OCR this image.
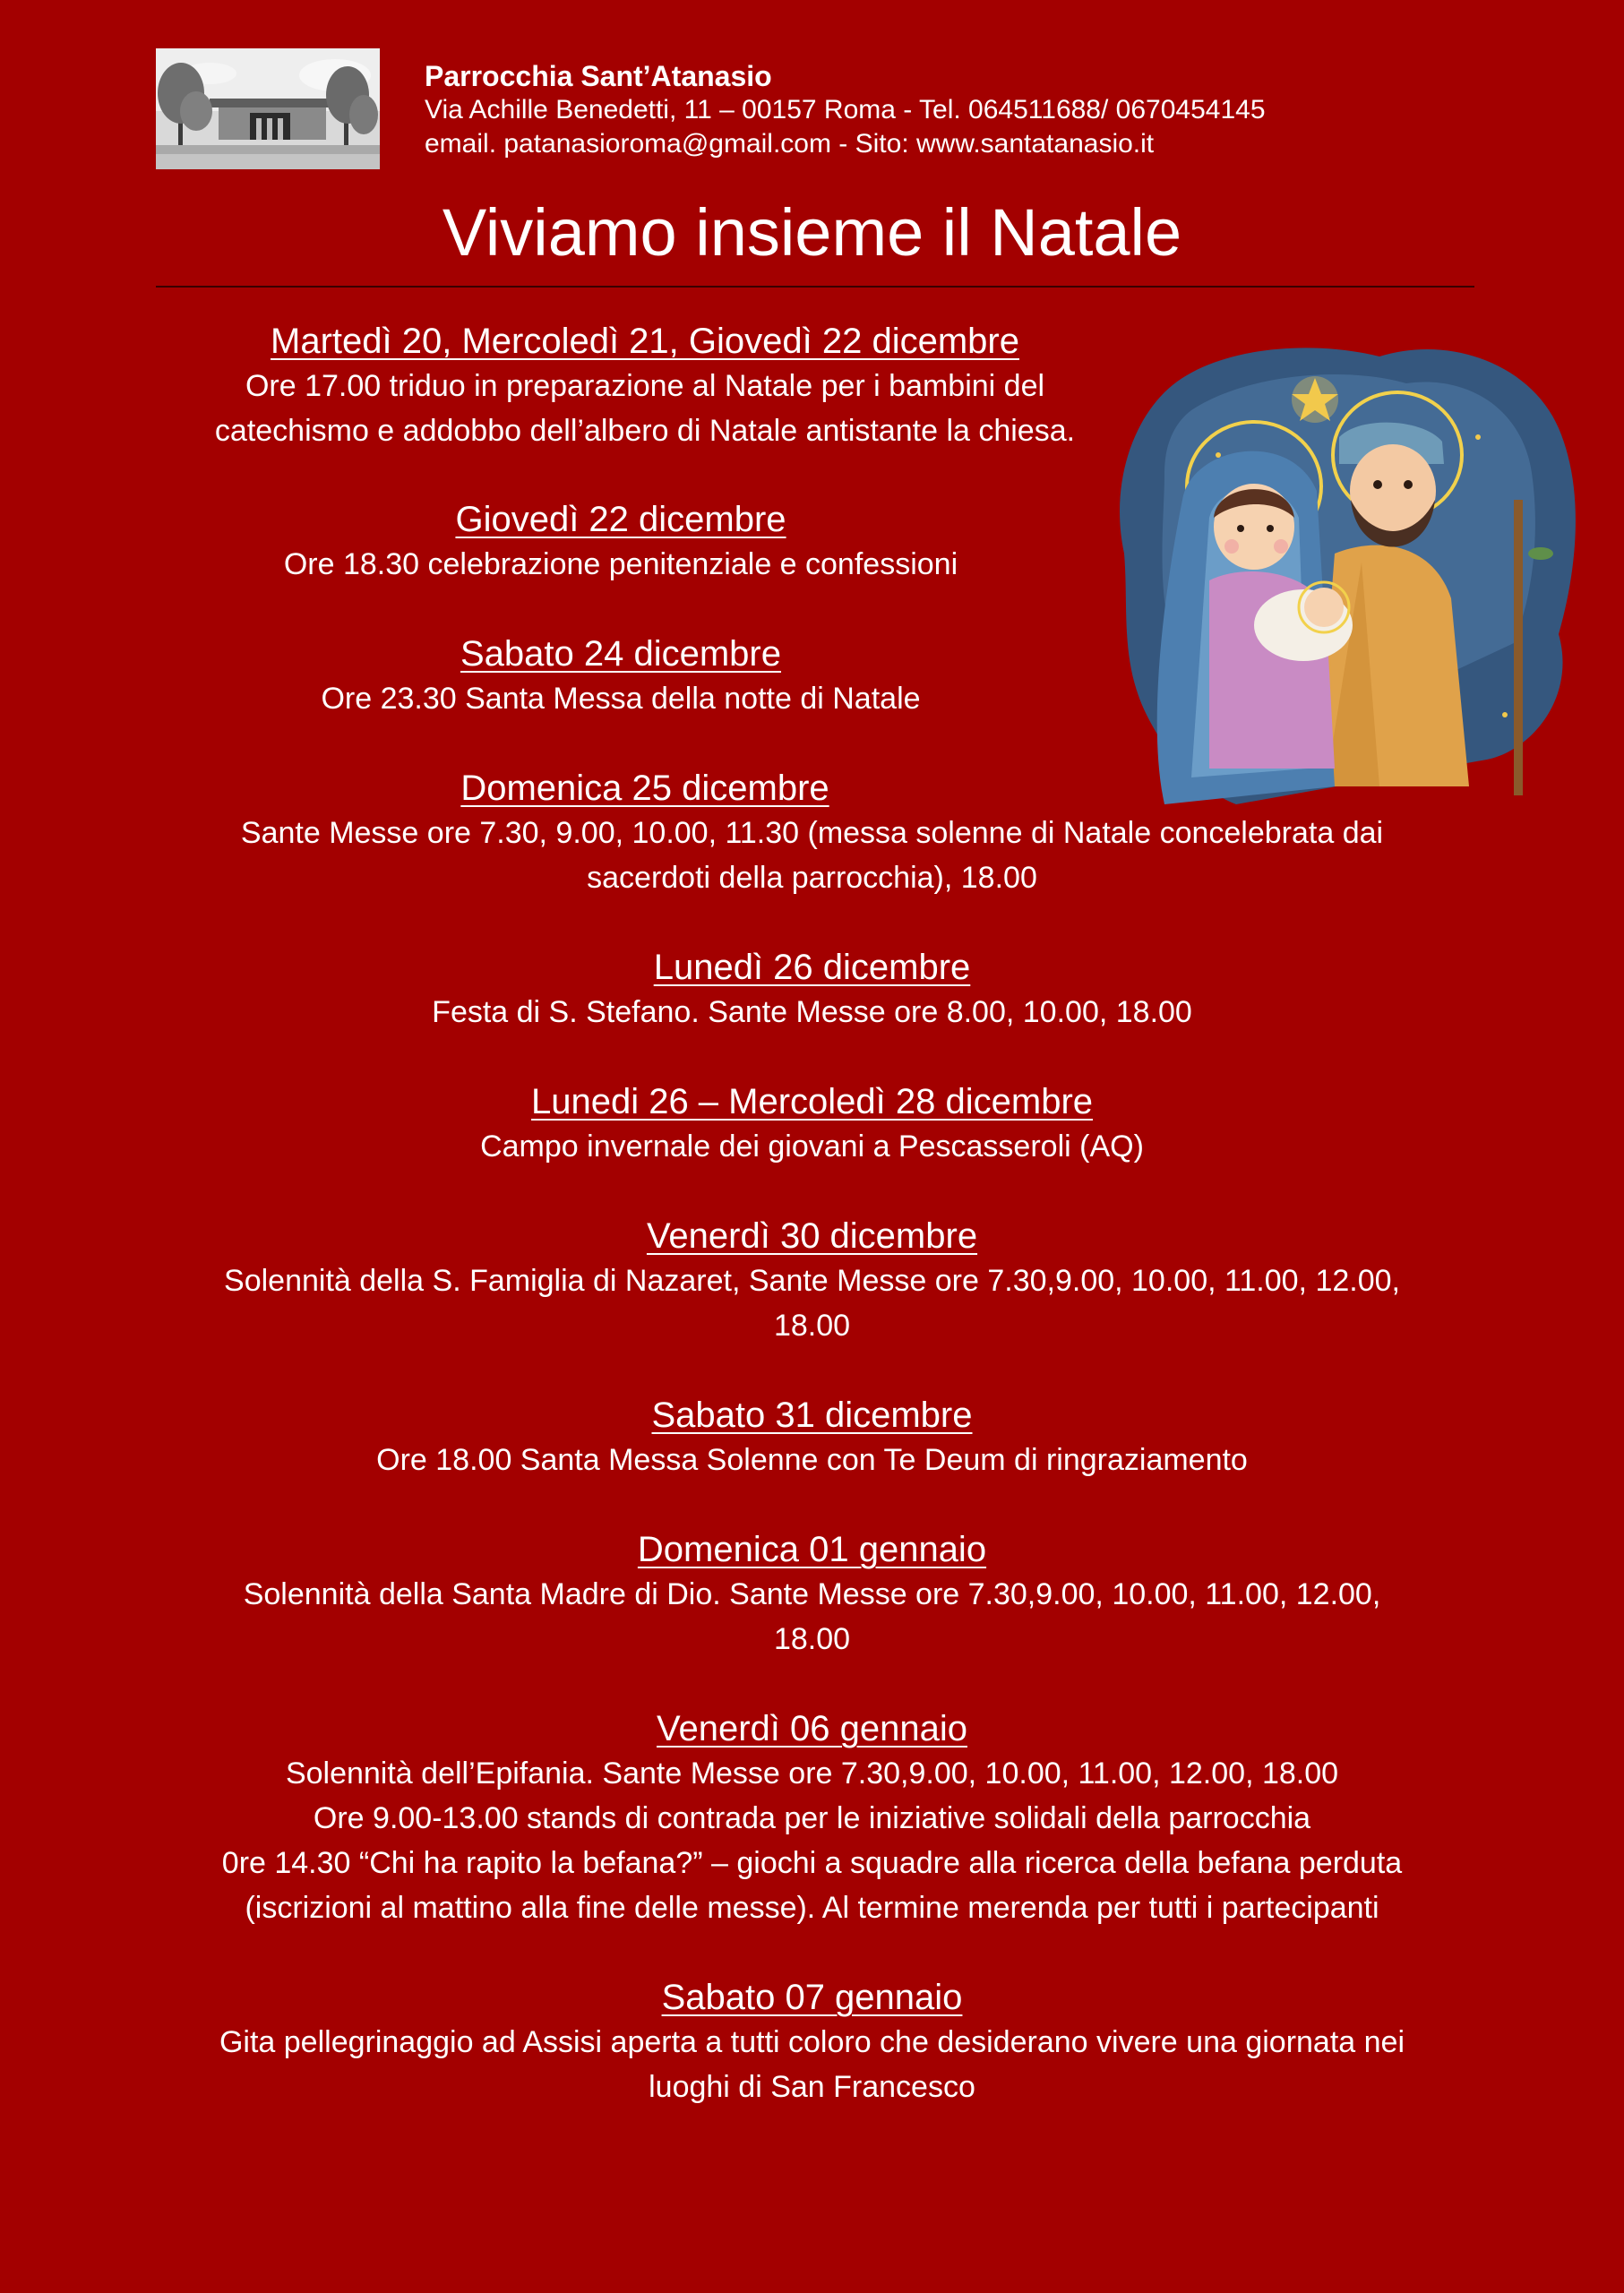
Parrocchia Sant’Atanasio

Via Achille Benedetti, 11 – 00157 Roma - Tel. 064511688/ 0670454145

email. patanasioroma@gmail.com - Sito: www.santatanasio.it

Viviamo insieme il Natale

Martedì 20, Mercoledì 21, Giovedì 22 dicembre

Ore 17.00 triduo in preparazione al Natale per i bambini del

catechismo e addobbo dell’albero di Natale antistante la chiesa.

Giovedì 22 dicembre

Ore 18.30 celebrazione penitenziale e confessioni

Sabato 24 dicembre

Ore 23.30 Santa Messa della notte di Natale

Domenica 25 dicembre

Sante Messe ore 7.30, 9.00, 10.00, 11.30 (messa solenne di Natale concelebrata dai

sacerdoti della parrocchia), 18.00

Lunedì 26 dicembre

Festa di S. Stefano. Sante Messe ore 8.00, 10.00, 18.00

Lunedi 26 – Mercoledì 28 dicembre

Campo invernale dei giovani a Pescasseroli (AQ)

Venerdì 30 dicembre

Solennità della S. Famiglia di Nazaret, Sante Messe ore 7.30,9.00, 10.00, 11.00, 12.00,

18.00

Sabato 31 dicembre

Ore 18.00 Santa Messa Solenne con Te Deum di ringraziamento

Domenica 01 gennaio

Solennità della Santa Madre di Dio. Sante Messe ore 7.30,9.00, 10.00, 11.00, 12.00,

18.00

Venerdì 06 gennaio

Solennità dell’Epifania. Sante Messe ore 7.30,9.00, 10.00, 11.00, 12.00, 18.00

Ore 9.00-13.00 stands di contrada per le iniziative solidali della parrocchia

0re 14.30 “Chi ha rapito la befana?” – giochi a squadre alla ricerca della befana perduta

(iscrizioni al mattino alla fine delle messe). Al termine merenda per tutti i partecipanti

Sabato 07 gennaio

Gita pellegrinaggio ad Assisi aperta a tutti coloro che desiderano vivere una giornata nei

luoghi di San Francesco
